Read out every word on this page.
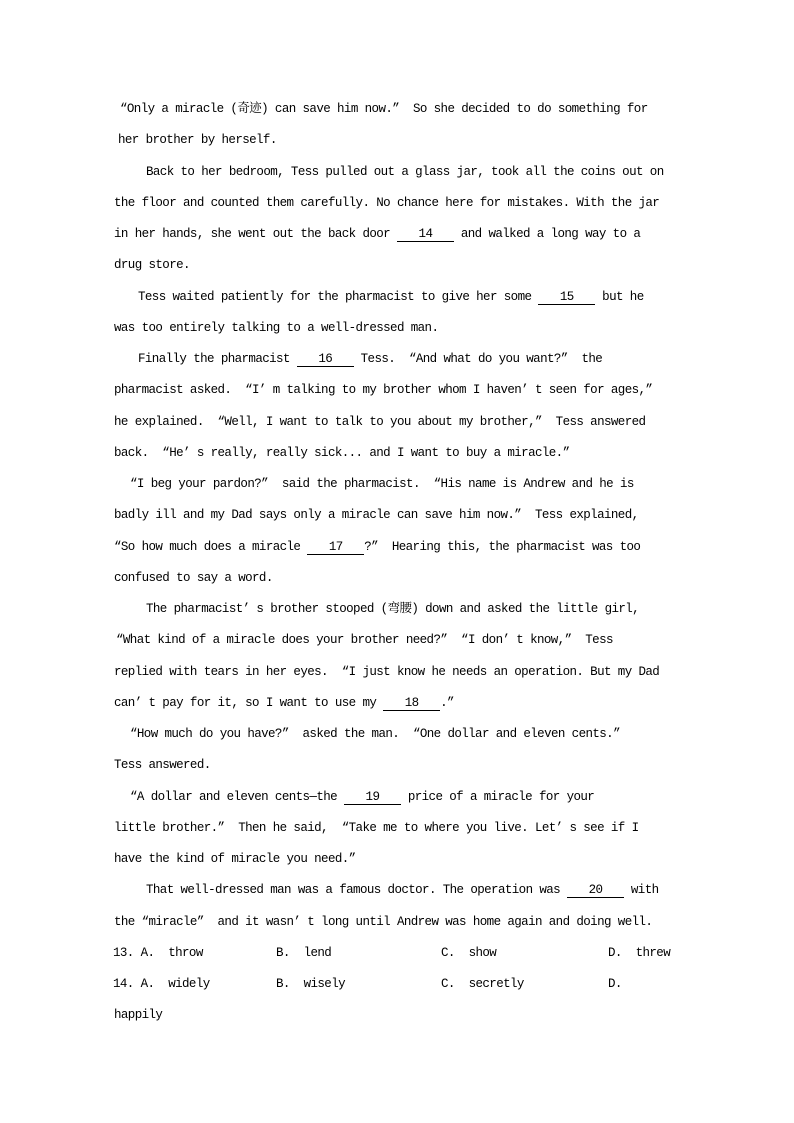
“Only a miracle (奇迹) can save him now.”  So she decided to do something for
her brother by herself.
Back to her bedroom, Tess pulled out a glass jar, took all the coins out on
the floor and counted them carefully. No chance here for mistakes. With the jar
in her hands, she went out the back door 14 and walked a long way to a
drug store.
Tess waited patiently for the pharmacist to give her some 15 but he
was too entirely talking to a well-dressed man.
Finally the pharmacist 16 Tess.  “And what do you want?”  the
pharmacist asked.  “I’ m talking to my brother whom I haven’ t seen for ages,”
he explained.  “Well, I want to talk to you about my brother,”  Tess answered
back.  “He’ s really, really sick... and I want to buy a miracle.”
“I beg your pardon?”  said the pharmacist.  “His name is Andrew and he is
badly ill and my Dad says only a miracle can save him now.”  Tess explained,
“So how much does a miracle 17 ?”  Hearing this, the pharmacist was too
confused to say a word.
The pharmacist’ s brother stooped (弯腰) down and asked the little girl,
“What kind of a miracle does your brother need?”  “I don’ t know,”  Tess
replied with tears in her eyes.  “I just know he needs an operation. But my Dad
can’ t pay for it, so I want to use my 18 .”
“How much do you have?”  asked the man.  “One dollar and eleven cents.”
Tess answered.
“A dollar and eleven cents—the 19 price of a miracle for your
little brother.”  Then he said,  “Take me to where you live. Let’ s see if I
have the kind of miracle you need.”
That well-dressed man was a famous doctor. The operation was 20 with
the “miracle”  and it wasn’ t long until Andrew was home again and doing well.
13. A.  throw	B.  lend	C.  show	D.  threw
14. A.  widely	B.  wisely	C.  secretly	D.
happily
